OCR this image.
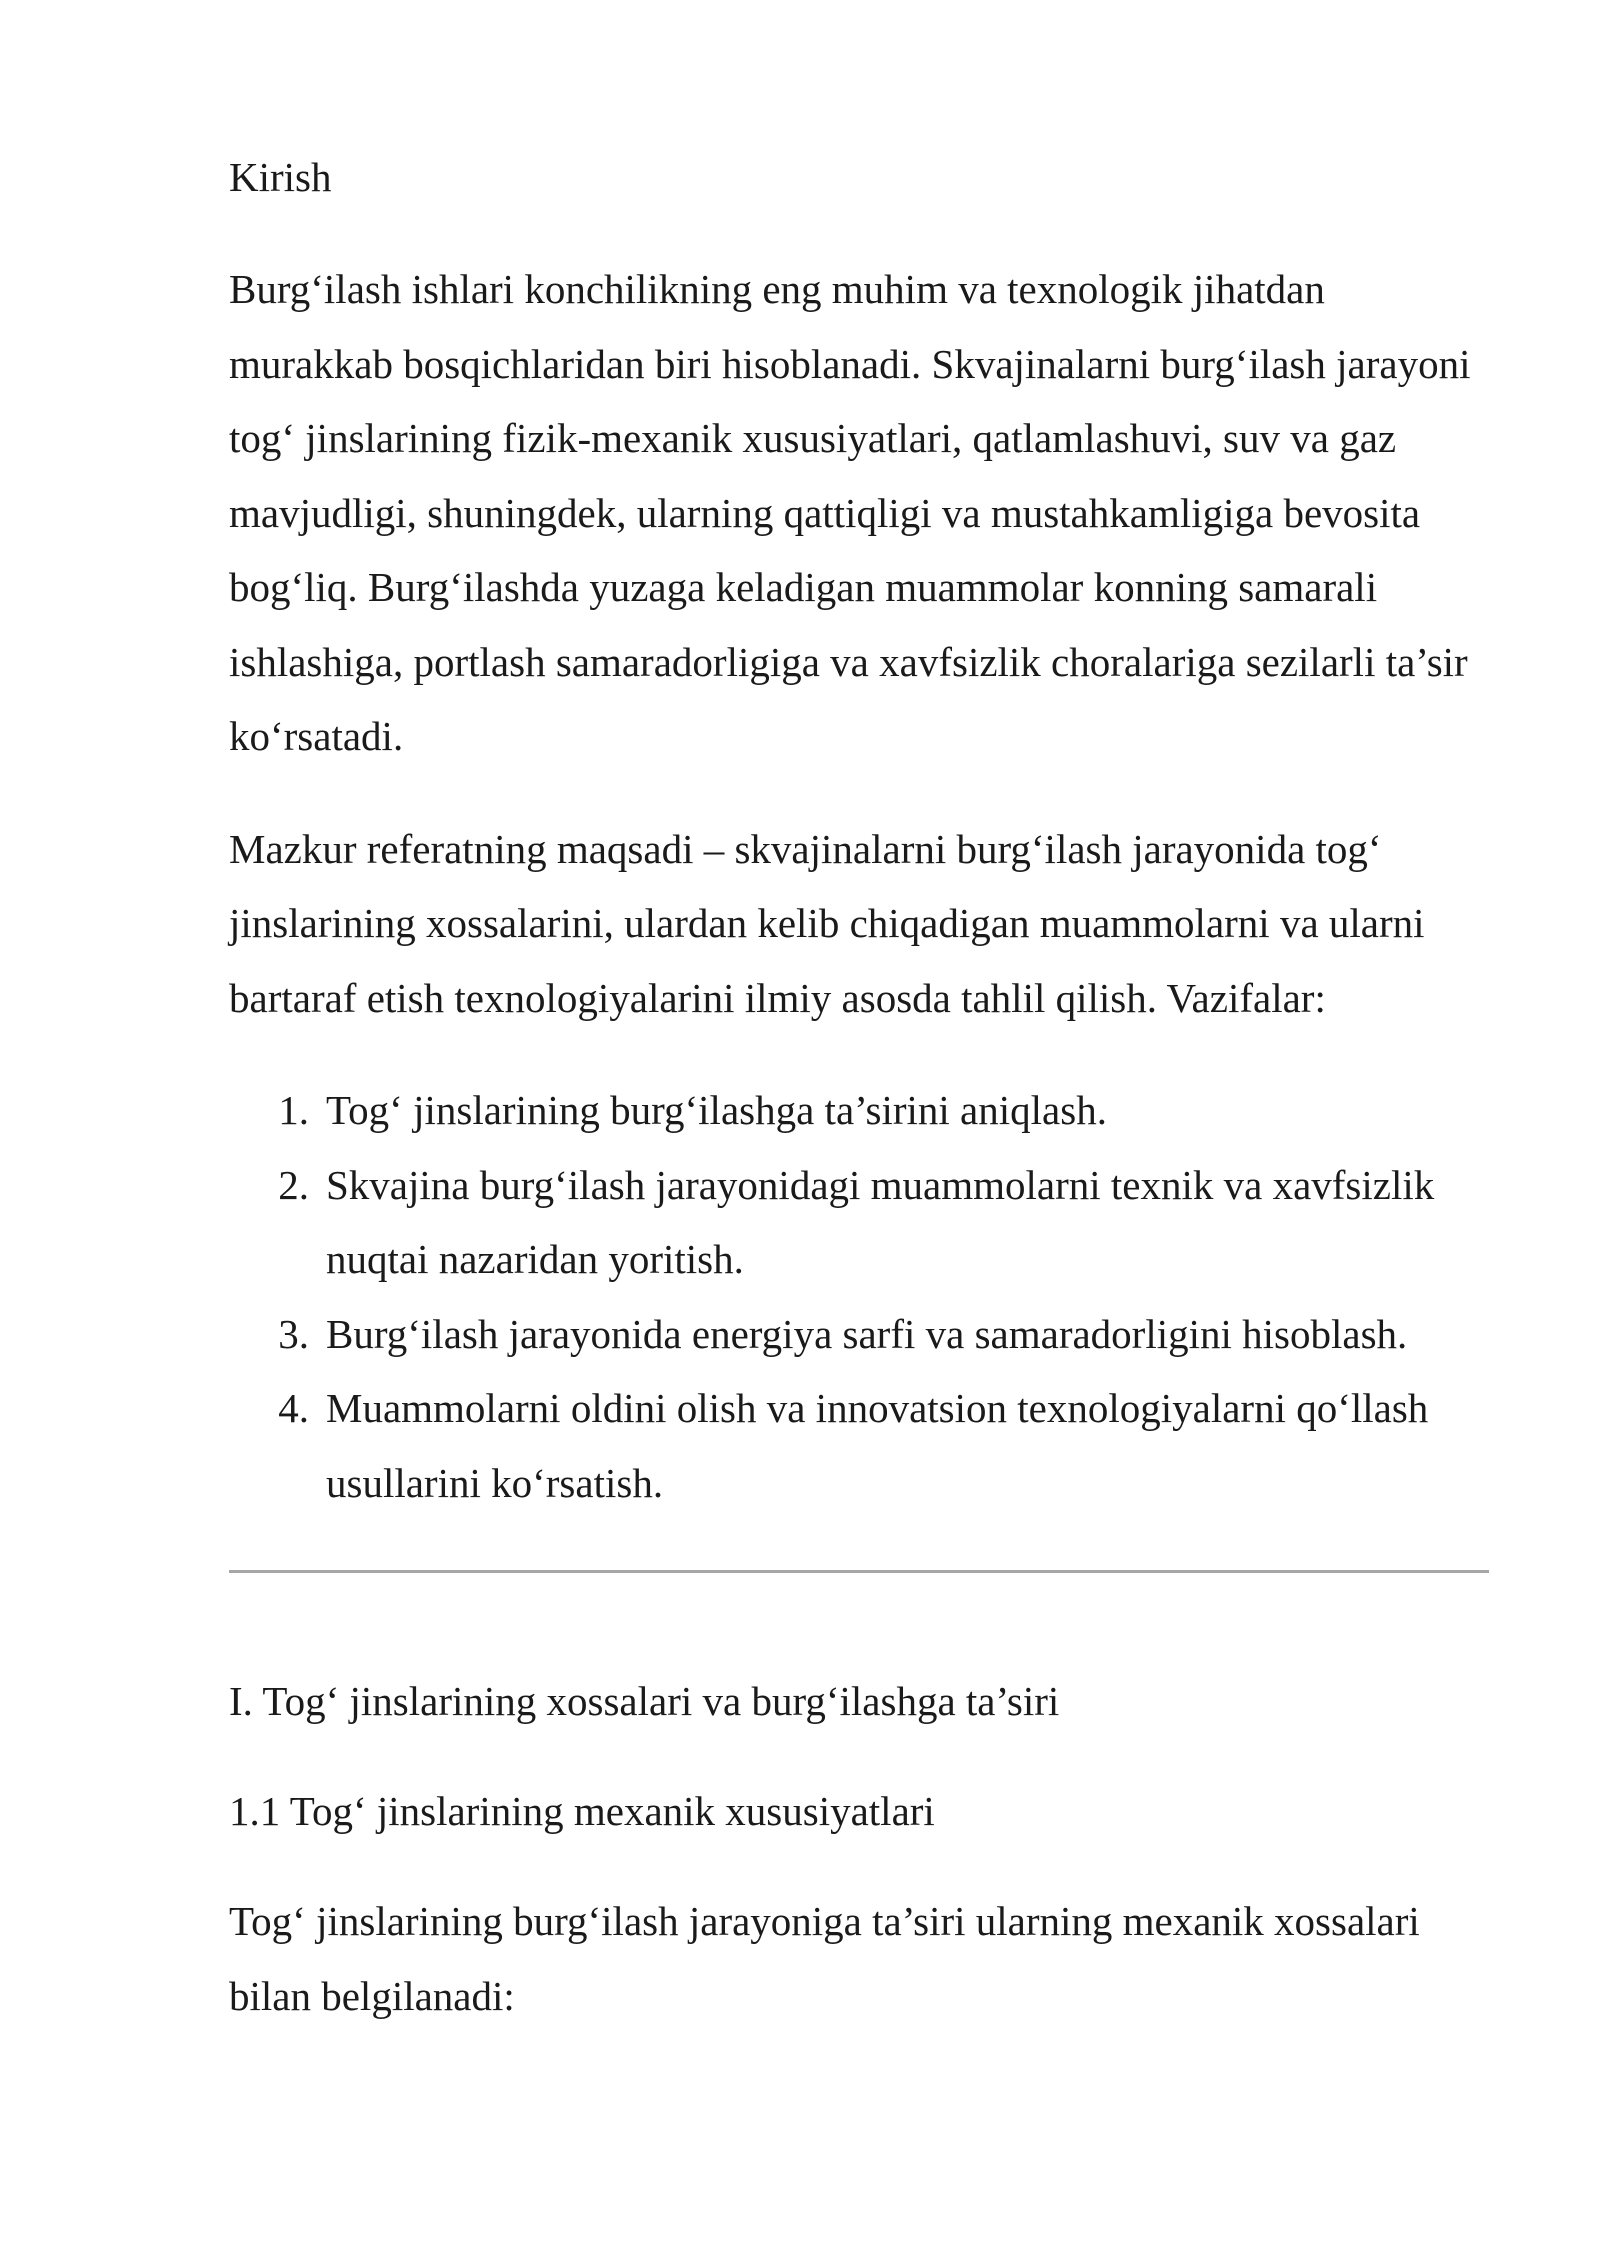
Kirish

Burg‘ilash ishlari konchilikning eng muhim va texnologik jihatdan murakkab bosqichlaridan biri hisoblanadi. Skvajinalarni burg‘ilash jarayoni tog‘ jinslarining fizik-mexanik xususiyatlari, qatlamlashuvi, suv va gaz mavjudligi, shuningdek, ularning qattiqligi va mustahkamligiga bevosita bog‘liq. Burg‘ilashda yuzaga keladigan muammolar konning samarali ishlashiga, portlash samaradorligiga va xavfsizlik choralariga sezilarli ta’sir ko‘rsatadi.

Mazkur referatning maqsadi – skvajinalarni burg‘ilash jarayonida tog‘ jinslarining xossalarini, ulardan kelib chiqadigan muammolarni va ularni bartaraf etish texnologiyalarini ilmiy asosda tahlil qilish. Vazifalar:

1. Tog‘ jinslarining burg‘ilashga ta’sirini aniqlash.
2. Skvajina burg‘ilash jarayonidagi muammolarni texnik va xavfsizlik nuqtai nazaridan yoritish.
3. Burg‘ilash jarayonida energiya sarfi va samaradorligini hisoblash.
4. Muammolarni oldini olish va innovatsion texnologiyalarni qo‘llash usullarini ko‘rsatish.
I. Tog‘ jinslarining xossalari va burg‘ilashga ta’siri
1.1 Tog‘ jinslarining mexanik xususiyatlari

Tog‘ jinslarining burg‘ilash jarayoniga ta’siri ularning mexanik xossalari bilan belgilanadi:
